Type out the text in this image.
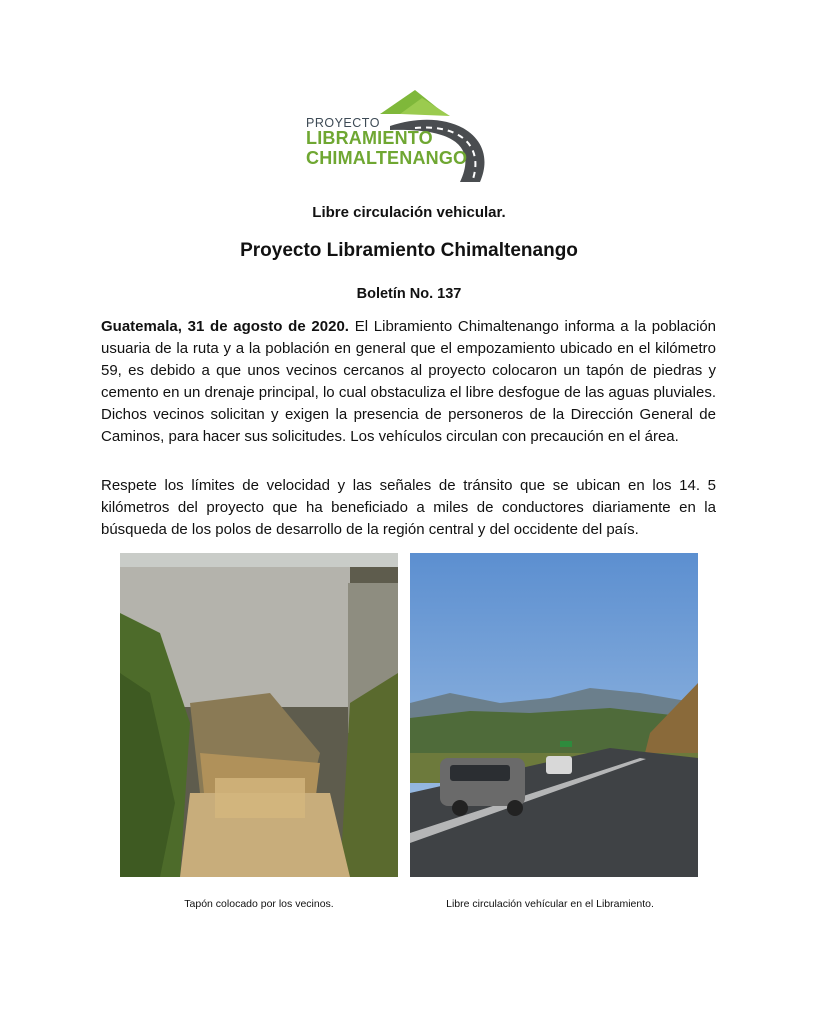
PROYECTO
LIBRAMIENTO
CHIMALTENANGO
Libre circulación vehicular.
Proyecto Libramiento Chimaltenango
Boletín No. 137
Guatemala, 31 de agosto de 2020. El Libramiento Chimaltenango informa a la población usuaria de la ruta y a la población en general que el empozamiento ubicado en el kilómetro 59, es debido a que unos vecinos cercanos al proyecto colocaron un tapón de piedras y cemento en un drenaje principal, lo cual obstaculiza el libre desfogue de las aguas pluviales. Dichos vecinos solicitan y exigen la presencia de personeros de la Dirección General de Caminos, para hacer sus solicitudes. Los vehículos circulan con precaución en el área.
Respete los límites de velocidad y las señales de tránsito que se ubican en los 14. 5 kilómetros del proyecto que ha beneficiado a miles de conductores diariamente en la búsqueda de los polos de desarrollo de la región central y del occidente del país.
Tapón colocado por los vecinos.	Libre circulación vehícular en el Libramiento.
